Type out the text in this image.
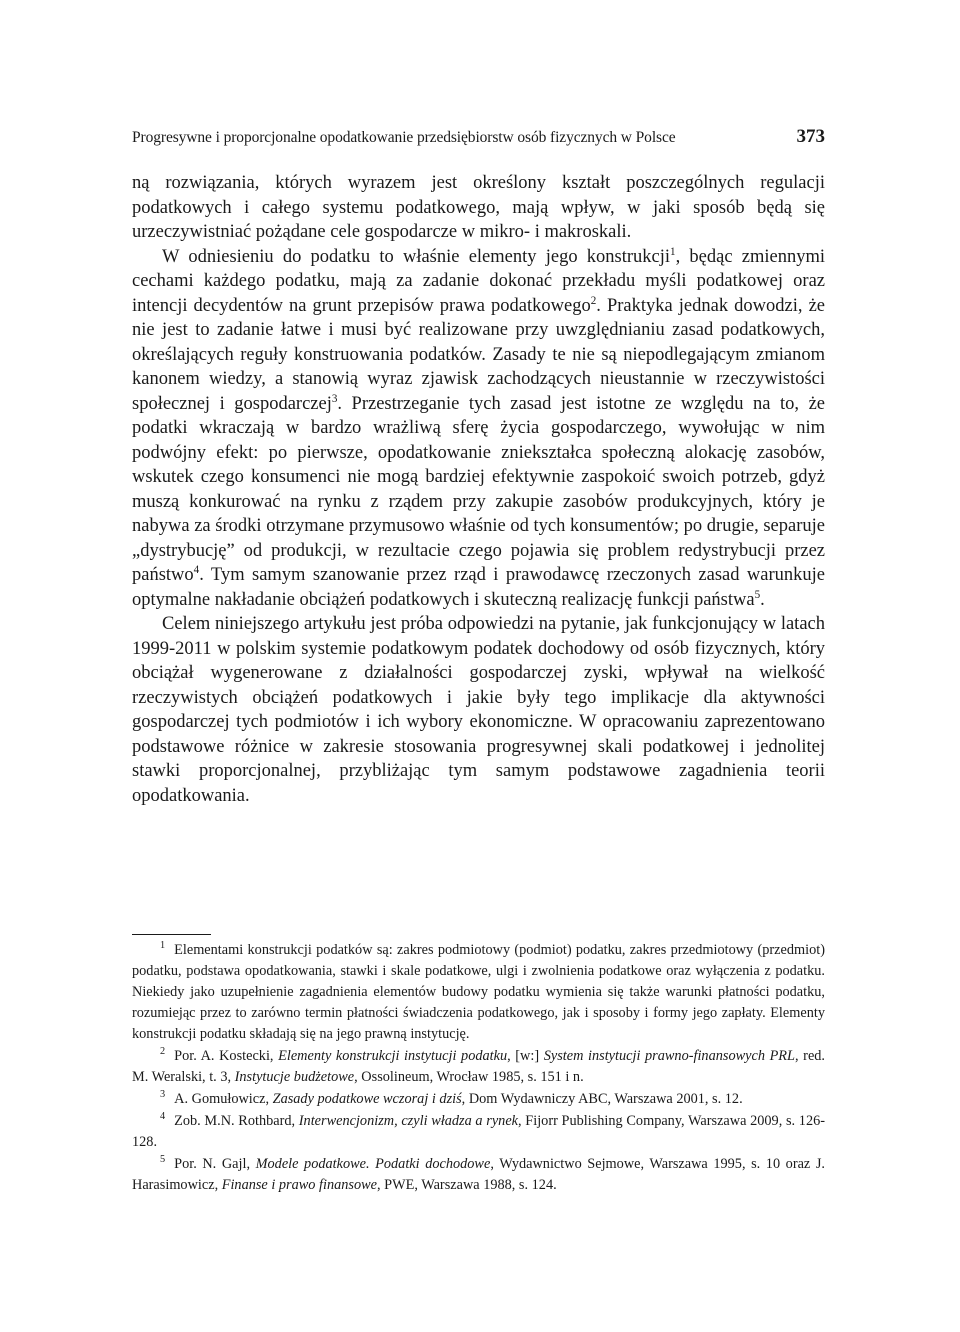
Progresywne i proporcjonalne opodatkowanie przedsiębiorstw osób fizycznych w Polsce	373

ną rozwiązania, których wyrazem jest określony kształt poszczególnych regulacji podatkowych i całego systemu podatkowego, mają wpływ, w jaki sposób będą się urzeczywistniać pożądane cele gospodarcze w mikro- i makroskali.

W odniesieniu do podatku to właśnie elementy jego konstrukcji$^1$, będąc zmiennymi cechami każdego podatku, mają za zadanie dokonać przekładu myśli podatkowej oraz intencji decydentów na grunt przepisów prawa podatkowego$^2$. Praktyka jednak dowodzi, że nie jest to zadanie łatwe i musi być realizowane przy uwzględnianiu zasad podatkowych, określających reguły konstruowania podatków. Zasady te nie są niepodlegającym zmianom kanonem wiedzy, a stanowią wyraz zjawisk zachodzących nieustannie w rzeczywistości społecznej i gospodarczej$^3$. Przestrzeganie tych zasad jest istotne ze względu na to, że podatki wkraczają w bardzo wrażliwą sferę życia gospodarczego, wywołując w nim podwójny efekt: po pierwsze, opodatkowanie zniekształca społeczną alokację zasobów, wskutek czego konsumenci nie mogą bardziej efektywnie zaspokoić swoich potrzeb, gdyż muszą konkurować na rynku z rządem przy zakupie zasobów produkcyjnych, który je nabywa za środki otrzymane przymusowo właśnie od tych konsumentów; po drugie, separuje „dystrybucję” od produkcji, w rezultacie czego pojawia się problem redystrybucji przez państwo$^4$. Tym samym szanowanie przez rząd i prawodawcę rzeczonych zasad warunkuje optymalne nakładanie obciążeń podatkowych i skuteczną realizację funkcji państwa$^5$.

Celem niniejszego artykułu jest próba odpowiedzi na pytanie, jak funkcjonujący w latach 1999-2011 w polskim systemie podatkowym podatek dochodowy od osób fizycznych, który obciążał wygenerowane z działalności gospodarczej zyski, wpływał na wielkość rzeczywistych obciążeń podatkowych i jakie były tego implikacje dla aktywności gospodarczej tych podmiotów i ich wybory ekonomiczne. W opracowaniu zaprezentowano podstawowe różnice w zakresie stosowania progresywnej skali podatkowej i jednolitej stawki proporcjonalnej, przybliżając tym samym podstawowe zagadnienia teorii opodatkowania.

$^1$ Elementami konstrukcji podatków są: zakres podmiotowy (podmiot) podatku, zakres przedmiotowy (przedmiot) podatku, podstawa opodatkowania, stawki i skale podatkowe, ulgi i zwolnienia podatkowe oraz wyłączenia z podatku. Niekiedy jako uzupełnienie zagadnienia elementów budowy podatku wymienia się także warunki płatności podatku, rozumiejąc przez to zarówno termin płatności świadczenia podatkowego, jak i sposoby i formy jego zapłaty. Elementy konstrukcji podatku składają się na jego prawną instytucję.

$^2$ Por. A. Kostecki, Elementy konstrukcji instytucji podatku, [w:] System instytucji prawno-finansowych PRL, red. M. Weralski, t. 3, Instytucje budżetowe, Ossolineum, Wrocław 1985, s. 151 i n.

$^3$ A. Gomułowicz, Zasady podatkowe wczoraj i dziś, Dom Wydawniczy ABC, Warszawa 2001, s. 12.

$^4$ Zob. M.N. Rothbard, Interwencjonizm, czyli władza a rynek, Fijorr Publishing Company, Warszawa 2009, s. 126-128.

$^5$ Por. N. Gajl, Modele podatkowe. Podatki dochodowe, Wydawnictwo Sejmowe, Warszawa 1995, s. 10 oraz J. Harasimowicz, Finanse i prawo finansowe, PWE, Warszawa 1988, s. 124.
